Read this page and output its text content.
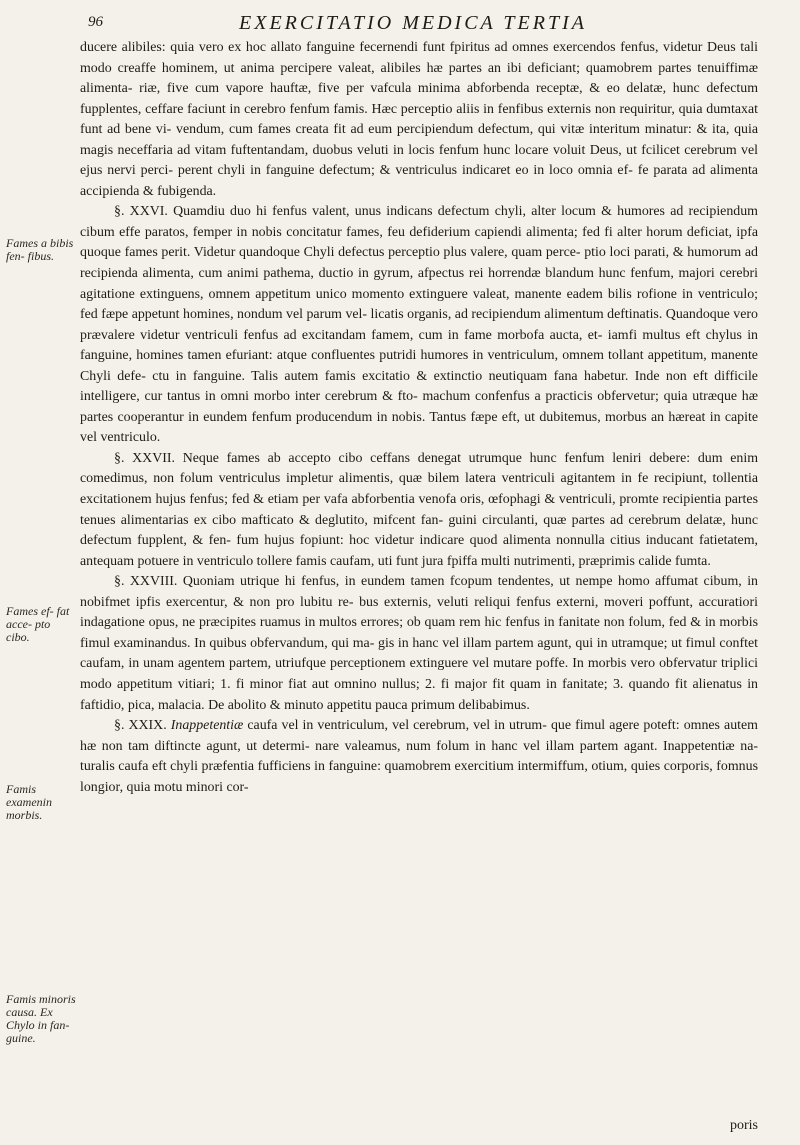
96	EXERCITATIO MEDICA TERTIA
Fames a bibis fen- fibus.
Fames ef- fat acce- pto cibo.
Famis examenin morbis.
Famis minoris causa. Ex Chylo in fan- guine.

ducere alibiles: quia vero ex hoc allato fanguine fecernendi funt fpiritus ad omnes exercendos fenfus, videtur Deus tali modo creaffe hominem, ut anima percipere valeat, alibiles hæ partes an ibi deficiant; quamobrem partes tenuiffimæ alimenta- riæ, five cum vapore hauftæ, five per vafcula minima abforbenda receptæ, & eo delatæ, hunc defectum fupplentes, ceffare faciunt in cerebro fenfum famis. Hæc perceptio aliis in fenfibus externis non requiritur, quia dumtaxat funt ad bene vi- vendum, cum fames creata fit ad eum percipiendum defectum, qui vitæ interitum minatur: & ita, quia magis neceffaria ad vitam fuftentandam, duobus veluti in locis fenfum hunc locare voluit Deus, ut fcilicet cerebrum vel ejus nervi perci- perent chyli in fanguine defectum; & ventriculus indicaret eo in loco omnia ef- fe parata ad alimenta accipienda & fubigenda.

§. XXVI. Quamdiu duo hi fenfus valent, unus indicans defectum chyli, alter locum & humores ad recipiendum cibum effe paratos, femper in nobis concitatur fames, feu defiderium capiendi alimenta; fed fi alter horum deficiat, ipfa quoque fames perit. Videtur quandoque Chyli defectus perceptio plus valere, quam perce- ptio loci parati, & humorum ad recipienda alimenta, cum animi pathema, ductio in gyrum, afpectus rei horrendæ blandum hunc fenfum, majori cerebri agitatione extinguens, omnem appetitum unico momento extinguere valeat, manente eadem bilis rofione in ventriculo; fed fæpe appetunt homines, nondum vel parum vel- licatis organis, ad recipiendum alimentum deftinatis. Quandoque vero prævalere videtur ventriculi fenfus ad excitandam famem, cum in fame morbofa aucta, et- iamfi multus eft chylus in fanguine, homines tamen efuriant: atque confluentes putridi humores in ventriculum, omnem tollant appetitum, manente Chyli defe- ctu in fanguine. Talis autem famis excitatio & extinctio neutiquam fana habetur. Inde non eft difficile intelligere, cur tantus in omni morbo inter cerebrum & fto- machum confenfus a practicis obfervetur; quia utræque hæ partes cooperantur in eundem fenfum producendum in nobis. Tantus fæpe eft, ut dubitemus, morbus an hæreat in capite vel ventriculo.

§. XXVII. Neque fames ab accepto cibo ceffans denegat utrumque hunc fenfum leniri debere: dum enim comedimus, non folum ventriculus impletur alimentis, quæ bilem latera ventriculi agitantem in fe recipiunt, tollentia excitationem hujus fenfus; fed & etiam per vafa abforbentia venofa oris, œfophagi & ventriculi, promte recipientia partes tenues alimentarias ex cibo mafticato & deglutito, mifcent fan- guini circulanti, quæ partes ad cerebrum delatæ, hunc defectum fupplent, & fen- fum hujus fopiunt: hoc videtur indicare quod alimenta nonnulla citius inducant fatietatem, antequam potuere in ventriculo tollere famis caufam, uti funt jura fpiffa multi nutrimenti, præprimis calide fumta.

§. XXVIII. Quoniam utrique hi fenfus, in eundem tamen fcopum tendentes, ut nempe homo affumat cibum, in nobifmet ipfis exercentur, & non pro lubitu re- bus externis, veluti reliqui fenfus externi, moveri poffunt, accuratiori indagatione opus, ne præcipites ruamus in multos errores; ob quam rem hic fenfus in fanitate non folum, fed & in morbis fimul examinandus. In quibus obfervandum, qui ma- gis in hanc vel illam partem agunt, qui in utramque; ut fimul conftet caufam, in unam agentem partem, utriufque perceptionem extinguere vel mutare poffe. In morbis vero obfervatur triplici modo appetitum vitiari; 1. fi minor fiat aut omnino nullus; 2. fi major fit quam in fanitate; 3. quando fit alienatus in faftidio, pica, malacia. De abolito & minuto appetitu pauca primum delibabimus.

§. XXIX. Inappetentiæ caufa vel in ventriculum, vel cerebrum, vel in utrum- que fimul agere poteft: omnes autem hæ non tam diftincte agunt, ut determi- nare valeamus, num folum in hanc vel illam partem agant. Inappetentiæ na- turalis caufa eft chyli præfentia fufficiens in fanguine: quamobrem exercitium intermiffum, otium, quies corporis, fomnus longior, quia motu minori cor-

poris
